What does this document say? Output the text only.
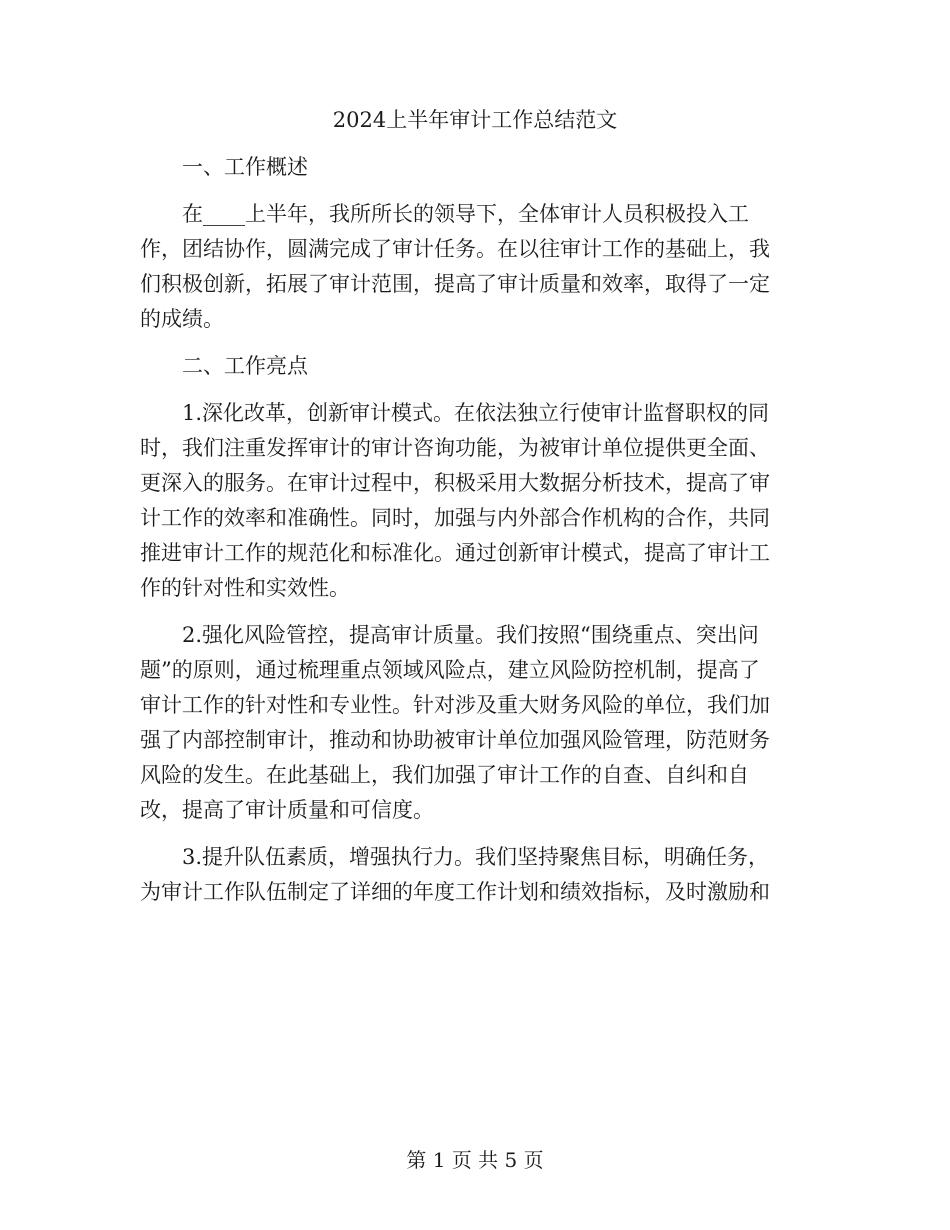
2024上半年审计工作总结范文
一、工作概述
在____上半年，我所所长的领导下，全体审计人员积极投入工
作，团结协作，圆满完成了审计任务。在以往审计工作的基础上，我
们积极创新，拓展了审计范围，提高了审计质量和效率，取得了一定
的成绩。
二、工作亮点
1.深化改革，创新审计模式。在依法独立行使审计监督职权的同
时，我们注重发挥审计的审计咨询功能，为被审计单位提供更全面、
更深入的服务。在审计过程中，积极采用大数据分析技术，提高了审
计工作的效率和准确性。同时，加强与内外部合作机构的合作，共同
推进审计工作的规范化和标准化。通过创新审计模式，提高了审计工
作的针对性和实效性。
2.强化风险管控，提高审计质量。我们按照“围绕重点、突出问
题”的原则，通过梳理重点领域风险点，建立风险防控机制，提高了
审计工作的针对性和专业性。针对涉及重大财务风险的单位，我们加
强了内部控制审计，推动和协助被审计单位加强风险管理，防范财务
风险的发生。在此基础上，我们加强了审计工作的自查、自纠和自
改，提高了审计质量和可信度。
3.提升队伍素质，增强执行力。我们坚持聚焦目标，明确任务，
为审计工作队伍制定了详细的年度工作计划和绩效指标，及时激励和
第 1 页 共 5 页
